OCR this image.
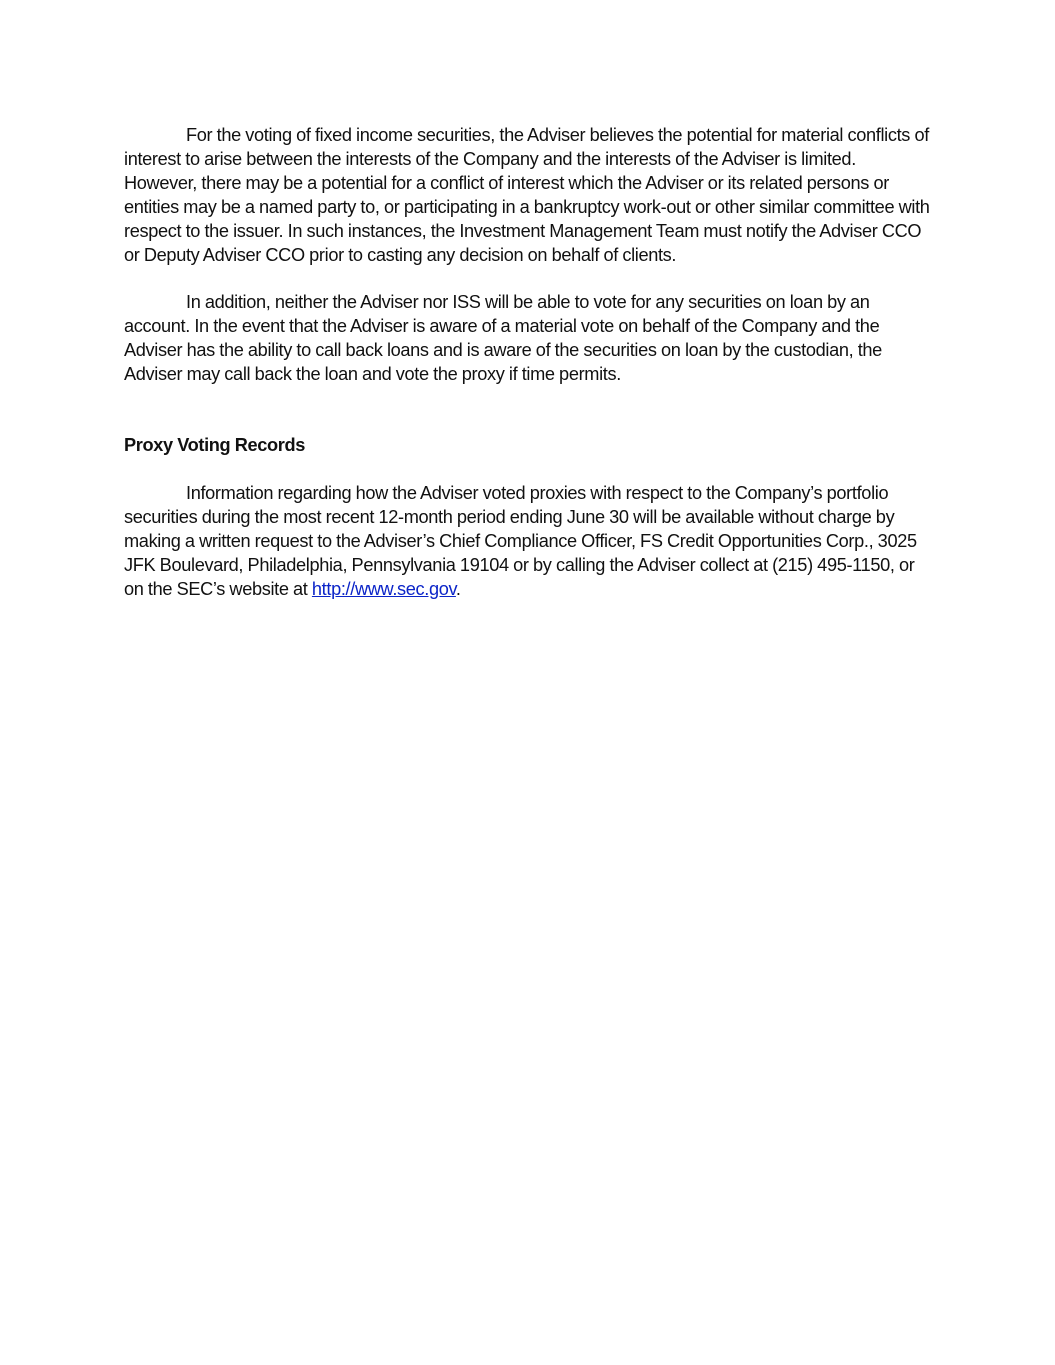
For the voting of fixed income securities, the Adviser believes the potential for material conflicts of interest to arise between the interests of the Company and the interests of the Adviser is limited. However, there may be a potential for a conflict of interest which the Adviser or its related persons or entities may be a named party to, or participating in a bankruptcy work-out or other similar committee with respect to the issuer. In such instances, the Investment Management Team must notify the Adviser CCO or Deputy Adviser CCO prior to casting any decision on behalf of clients.

In addition, neither the Adviser nor ISS will be able to vote for any securities on loan by an account. In the event that the Adviser is aware of a material vote on behalf of the Company and the Adviser has the ability to call back loans and is aware of the securities on loan by the custodian, the Adviser may call back the loan and vote the proxy if time permits.

Proxy Voting Records

Information regarding how the Adviser voted proxies with respect to the Company’s portfolio securities during the most recent 12-month period ending June 30 will be available without charge by making a written request to the Adviser’s Chief Compliance Officer, FS Credit Opportunities Corp., 3025 JFK Boulevard, Philadelphia, Pennsylvania 19104 or by calling the Adviser collect at (215) 495-1150, or on the SEC’s website at http://www.sec.gov.
